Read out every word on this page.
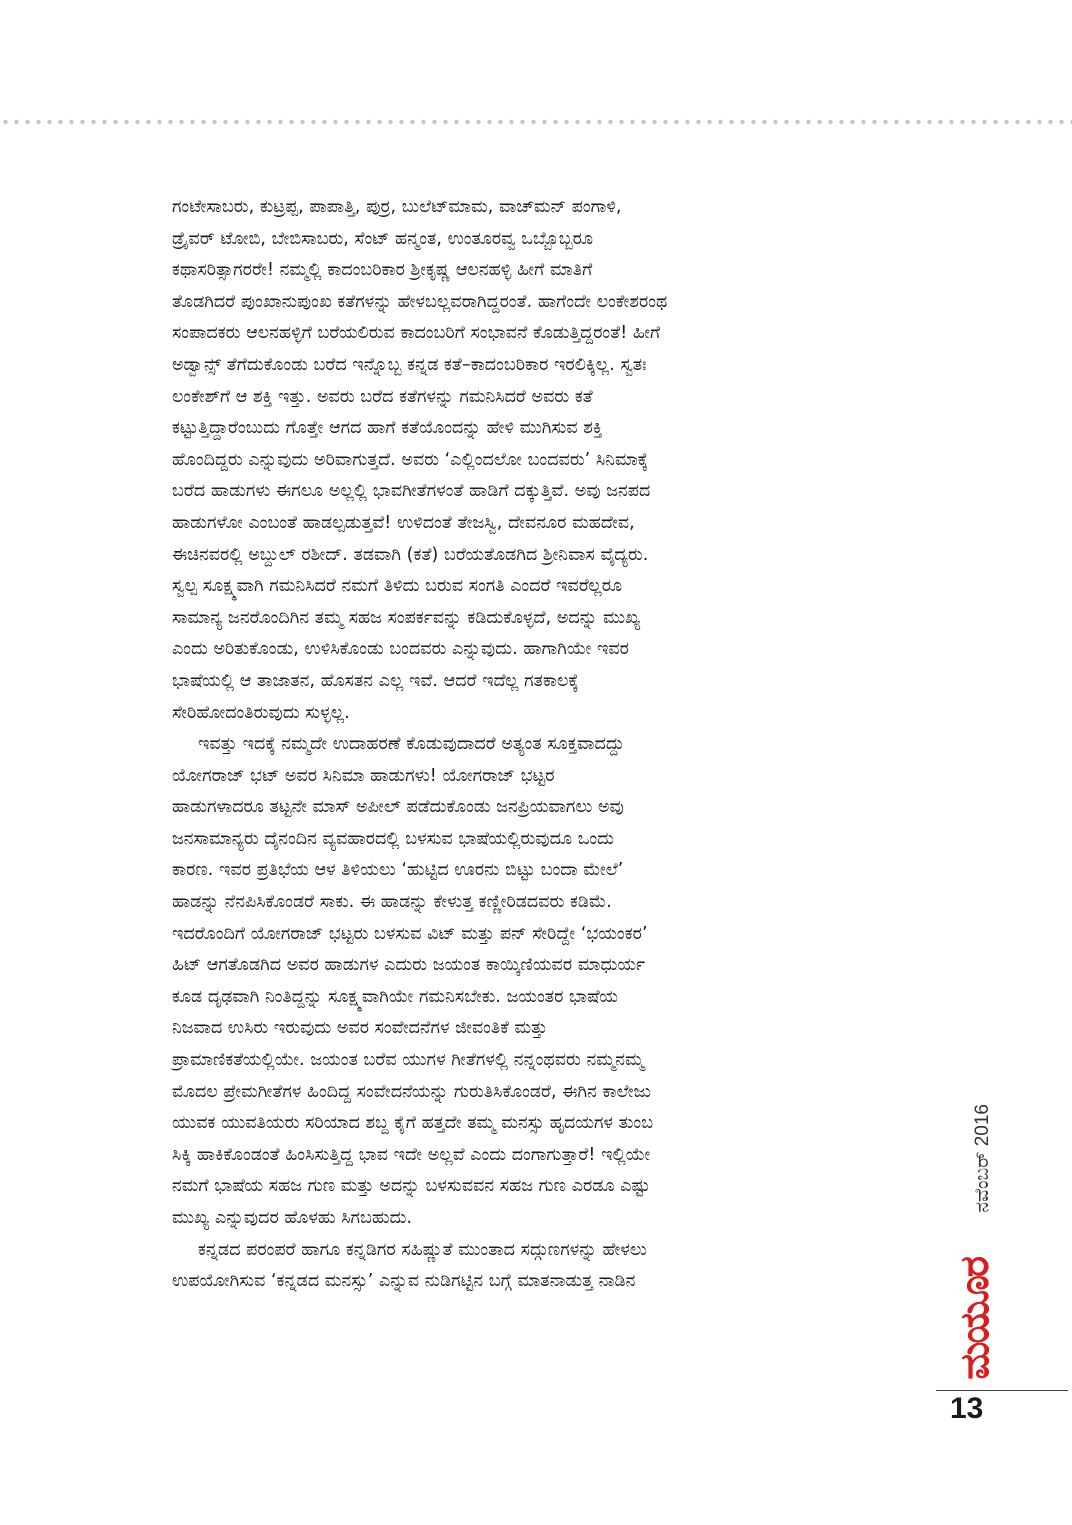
ಗಂಟೇಸಾಬರು, ಕುಟ್ರಪ್ಪ, ಪಾಪಾತ್ತಿ, ಪುರ್‍ರ, ಬುಲೆಟ್‌ಮಾಮ, ವಾಚ್‌ಮನ್ ಪಂಗಾಳಿ,
ಡ್ರೈವರ್ ಟೋಬಿ, ಬೇಬಿಸಾಬರು, ಸೆಂಟ್ ಹನ್ಮಂತ, ಉಂತೂರವ್ವ ಒಬ್ಬೊಬ್ಬರೂ
ಕಥಾಸರಿತ್ಸಾಗರರೇ! ನಮ್ಮಲ್ಲಿ ಕಾದಂಬರಿಕಾರ ಶ್ರೀಕೃಷ್ಣ ಆಲನಹಳ್ಳಿ ಹೀಗೆ ಮಾತಿಗೆ
ತೊಡಗಿದರೆ ಪುಂಖಾನುಪುಂಖ ಕತೆಗಳನ್ನು ಹೇಳಬಲ್ಲವರಾಗಿದ್ದರಂತೆ. ಹಾಗೆಂದೇ ಲಂಕೇಶರಂಥ
ಸಂಪಾದಕರು ಆಲನಹಳ್ಳಿಗೆ ಬರೆಯಲಿರುವ ಕಾದಂಬರಿಗೆ ಸಂಭಾವನೆ ಕೊಡುತ್ತಿದ್ದರಂತೆ! ಹೀಗೆ
ಅಡ್ವಾನ್ಸ್ ತೆಗೆದುಕೊಂಡು ಬರೆದ ಇನ್ನೊಬ್ಬ ಕನ್ನಡ ಕತೆ–ಕಾದಂಬರಿಕಾರ ಇರಲಿಕ್ಕಿಲ್ಲ. ಸ್ವತಃ
ಲಂಕೇಶ್‌ಗೆ ಆ ಶಕ್ತಿ ಇತ್ತು. ಅವರು ಬರೆದ ಕತೆಗಳನ್ನು ಗಮನಿಸಿದರೆ ಅವರು ಕತೆ
ಕಟ್ಟುತ್ತಿದ್ದಾರೆಂಬುದು ಗೊತ್ತೇ ಆಗದ ಹಾಗೆ ಕತೆಯೊಂದನ್ನು ಹೇಳಿ ಮುಗಿಸುವ ಶಕ್ತಿ
ಹೊಂದಿದ್ದರು ಎನ್ನುವುದು ಅರಿವಾಗುತ್ತದೆ. ಅವರು ‘ಎಲ್ಲಿಂದಲೋ ಬಂದವರು’ ಸಿನಿಮಾಕ್ಕೆ
ಬರೆದ ಹಾಡುಗಳು ಈಗಲೂ ಅಲ್ಲಲ್ಲಿ ಭಾವಗೀತೆಗಳಂತೆ ಹಾಡಿಗೆ ದಕ್ಕುತ್ತಿವೆ. ಅವು ಜನಪದ
ಹಾಡುಗಳೋ ಎಂಬಂತೆ ಹಾಡಲ್ಪಡುತ್ತವೆ! ಉಳಿದಂತೆ ತೇಜಸ್ವಿ, ದೇವನೂರ ಮಹದೇವ,
ಈಚಿನವರಲ್ಲಿ ಅಬ್ದುಲ್ ರಶೀದ್. ತಡವಾಗಿ (ಕತೆ) ಬರೆಯತೊಡಗಿದ ಶ್ರೀನಿವಾಸ ವೈದ್ಯರು.
ಸ್ವಲ್ಪ ಸೂಕ್ಷ್ಮವಾಗಿ ಗಮನಿಸಿದರೆ ನಮಗೆ ತಿಳಿದು ಬರುವ ಸಂಗತಿ ಎಂದರೆ ಇವರೆಲ್ಲರೂ
ಸಾಮಾನ್ಯ ಜನರೊಂದಿಗಿನ ತಮ್ಮ ಸಹಜ ಸಂಪರ್ಕವನ್ನು ಕಡಿದುಕೊಳ್ಳದೆ, ಅದನ್ನು ಮುಖ್ಯ
ಎಂದು ಅರಿತುಕೊಂಡು, ಉಳಿಸಿಕೊಂಡು ಬಂದವರು ಎನ್ನುವುದು. ಹಾಗಾಗಿಯೇ ಇವರ
ಭಾಷೆಯಲ್ಲಿ ಆ ತಾಜಾತನ, ಹೊಸತನ ಎಲ್ಲ ಇವೆ. ಆದರೆ ಇದೆಲ್ಲ ಗತಕಾಲಕ್ಕೆ
ಸೇರಿಹೋದಂತಿರುವುದು ಸುಳ್ಳಲ್ಲ.
ಇವತ್ತು ಇದಕ್ಕೆ ನಮ್ಮದೇ ಉದಾಹರಣೆ ಕೊಡುವುದಾದರೆ ಅತ್ಯಂತ ಸೂಕ್ತವಾದದ್ದು
ಯೋಗರಾಜ್ ಭಟ್ ಅವರ ಸಿನಿಮಾ ಹಾಡುಗಳು! ಯೋಗರಾಜ್ ಭಟ್ಟರ
ಹಾಡುಗಳಾದರೂ ತಟ್ಟನೇ ಮಾಸ್ ಅಪೀಲ್ ಪಡೆದುಕೊಂಡು ಜನಪ್ರಿಯವಾಗಲು ಅವು
ಜನಸಾಮಾನ್ಯರು ದೈನಂದಿನ ವ್ಯವಹಾರದಲ್ಲಿ ಬಳಸುವ ಭಾಷೆಯಲ್ಲಿರುವುದೂ ಒಂದು
ಕಾರಣ. ಇವರ ಪ್ರತಿಭೆಯ ಆಳ ತಿಳಿಯಲು ‘ಹುಟ್ಟಿದ ಊರನು ಬಿಟ್ಟು ಬಂದಾ ಮೇಲೆ’
ಹಾಡನ್ನು ನೆನಪಿಸಿಕೊಂಡರೆ ಸಾಕು. ಈ ಹಾಡನ್ನು ಕೇಳುತ್ತ ಕಣ್ಣೀರಿಡದವರು ಕಡಿಮೆ.
ಇದರೊಂದಿಗೆ ಯೋಗರಾಜ್ ಭಟ್ಟರು ಬಳಸುವ ವಿಟ್ ಮತ್ತು ಪನ್ ಸೇರಿದ್ದೇ ‘ಭಯಂಕರ’
ಹಿಟ್ ಆಗತೊಡಗಿದ ಅವರ ಹಾಡುಗಳ ಎದುರು ಜಯಂತ ಕಾಯ್ಕಿಣಿಯವರ ಮಾಧುರ್ಯ
ಕೂಡ ದೃಢವಾಗಿ ನಿಂತಿದ್ದನ್ನು ಸೂಕ್ಷ್ಮವಾಗಿಯೇ ಗಮನಿಸಬೇಕು. ಜಯಂತರ ಭಾಷೆಯ
ನಿಜವಾದ ಉಸಿರು ಇರುವುದು ಅವರ ಸಂವೇದನೆಗಳ ಜೀವಂತಿಕೆ ಮತ್ತು
ಪ್ರಾಮಾಣಿಕತೆಯಲ್ಲಿಯೇ. ಜಯಂತ ಬರೆವ ಯುಗಳ ಗೀತೆಗಳಲ್ಲಿ ನನ್ನಂಥವರು ನಮ್ಮನಮ್ಮ
ಮೊದಲ ಪ್ರೇಮಗೀತೆಗಳ ಹಿಂದಿದ್ದ ಸಂವೇದನೆಯನ್ನು ಗುರುತಿಸಿಕೊಂಡರೆ, ಈಗಿನ ಕಾಲೇಜು
ಯುವಕ ಯುವತಿಯರು ಸರಿಯಾದ ಶಬ್ದ ಕೈಗೆ ಹತ್ತದೇ ತಮ್ಮ ಮನಸ್ಸು ಹೃದಯಗಳ ತುಂಬ
ಸಿಕ್ಕಿ ಹಾಕಿಕೊಂಡಂತೆ ಹಿಂಸಿಸುತ್ತಿದ್ದ ಭಾವ ಇದೇ ಅಲ್ಲವೆ ಎಂದು ದಂಗಾಗುತ್ತಾರೆ! ಇಲ್ಲಿಯೇ
ನಮಗೆ ಭಾಷೆಯ ಸಹಜ ಗುಣ ಮತ್ತು ಅದನ್ನು ಬಳಸುವವನ ಸಹಜ ಗುಣ ಎರಡೂ ಎಷ್ಟು
ಮುಖ್ಯ ಎನ್ನುವುದರ ಹೊಳಹು ಸಿಗಬಹುದು.
ಕನ್ನಡದ ಪರಂಪರೆ ಹಾಗೂ ಕನ್ನಡಿಗರ ಸಹಿಷ್ಣುತೆ ಮುಂತಾದ ಸದ್ಗುಣಗಳನ್ನು ಹೇಳಲು
ಉಪಯೋಗಿಸುವ ‘ಕನ್ನಡದ ಮನಸ್ಸು’ ಎನ್ನುವ ನುಡಿಗಟ್ಟಿನ ಬಗ್ಗೆ ಮಾತನಾಡುತ್ತ ನಾಡಿನ
ನವೆಂಬರ್ 2016
ಮಯೂರ
13
